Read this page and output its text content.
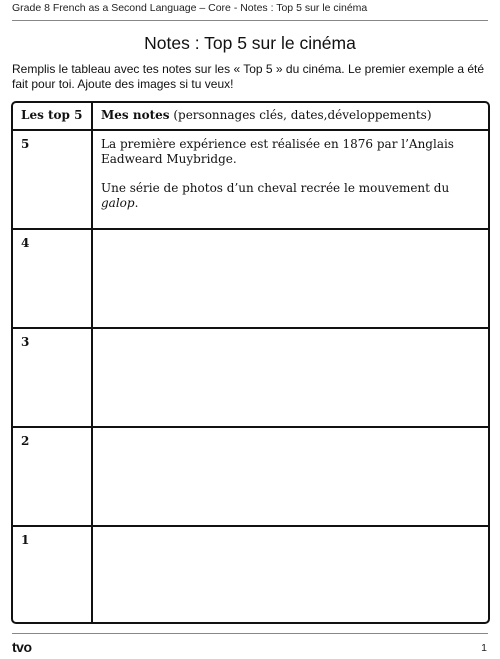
Grade 8 French as a Second Language – Core - Notes : Top 5 sur le cinéma
Notes : Top 5 sur le cinéma

Remplis le tableau avec tes notes sur les « Top 5 » du cinéma. Le premier exemple a été fait pour toi. Ajoute des images si tu veux!

Les top 5	Mes notes (personnages clés, dates,développements)
5	La première expérience est réalisée en 1876 par l’Anglais Eadweard Muybridge.

Une série de photos d’un cheval recrée le mouvement du galop.

4
3
2
1
tvo	1
